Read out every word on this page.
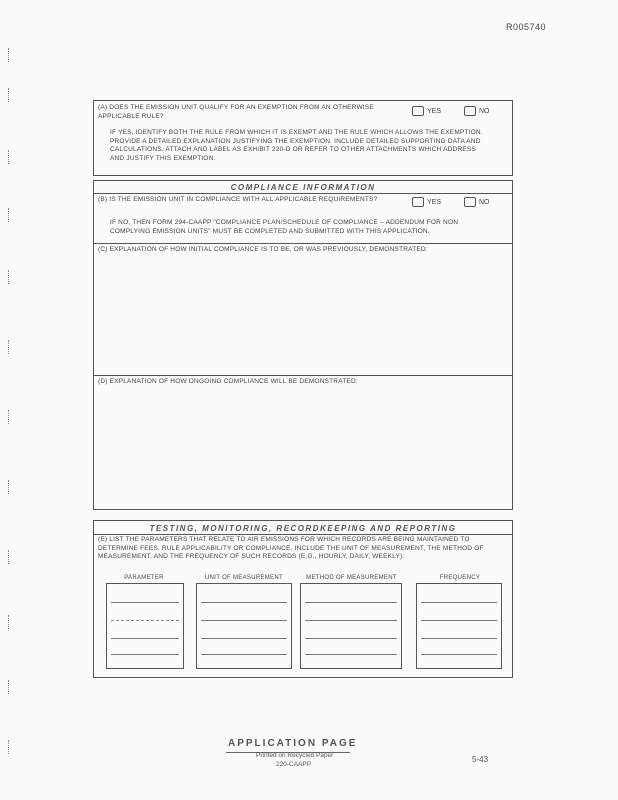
R005740
(A) DOES THE EMISSION UNIT QUALIFY FOR AN EXEMPTION FROM AN OTHERWISE APPLICABLE RULE?
YES	NO
IF YES, IDENTIFY BOTH THE RULE FROM WHICH IT IS EXEMPT AND THE RULE WHICH ALLOWS THE EXEMPTION. PROVIDE A DETAILED EXPLANATION JUSTIFYING THE EXEMPTION. INCLUDE DETAILED SUPPORTING DATA AND CALCULATIONS. ATTACH AND LABEL AS EXHIBIT 220-D OR REFER TO OTHER ATTACHMENTS WHICH ADDRESS AND JUSTIFY THIS EXEMPTION.
COMPLIANCE INFORMATION
(B) IS THE EMISSION UNIT IN COMPLIANCE WITH ALL APPLICABLE REQUIREMENTS?	YES	NO
IF NO, THEN FORM 294-CAAPP "COMPLIANCE PLAN/SCHEDULE OF COMPLIANCE – ADDENDUM FOR NON COMPLYING EMISSION UNITS" MUST BE COMPLETED AND SUBMITTED WITH THIS APPLICATION.
(C) EXPLANATION OF HOW INITIAL COMPLIANCE IS TO BE, OR WAS PREVIOUSLY, DEMONSTRATED:
(D) EXPLANATION OF HOW ONGOING COMPLIANCE WILL BE DEMONSTRATED:
TESTING, MONITORING, RECORDKEEPING AND REPORTING
(E) LIST THE PARAMETERS THAT RELATE TO AIR EMISSIONS FOR WHICH RECORDS ARE BEING MAINTAINED TO DETERMINE FEES, RULE APPLICABILITY OR COMPLIANCE. INCLUDE THE UNIT OF MEASUREMENT, THE METHOD OF MEASUREMENT, AND THE FREQUENCY OF SUCH RECORDS (E.G., HOURLY, DAILY, WEEKLY):
PARAMETER	UNIT OF MEASUREMENT	METHOD OF MEASUREMENT	FREQUENCY
APPLICATION PAGE
Printed on Recycled Paper
220-CAAPP
5-43
